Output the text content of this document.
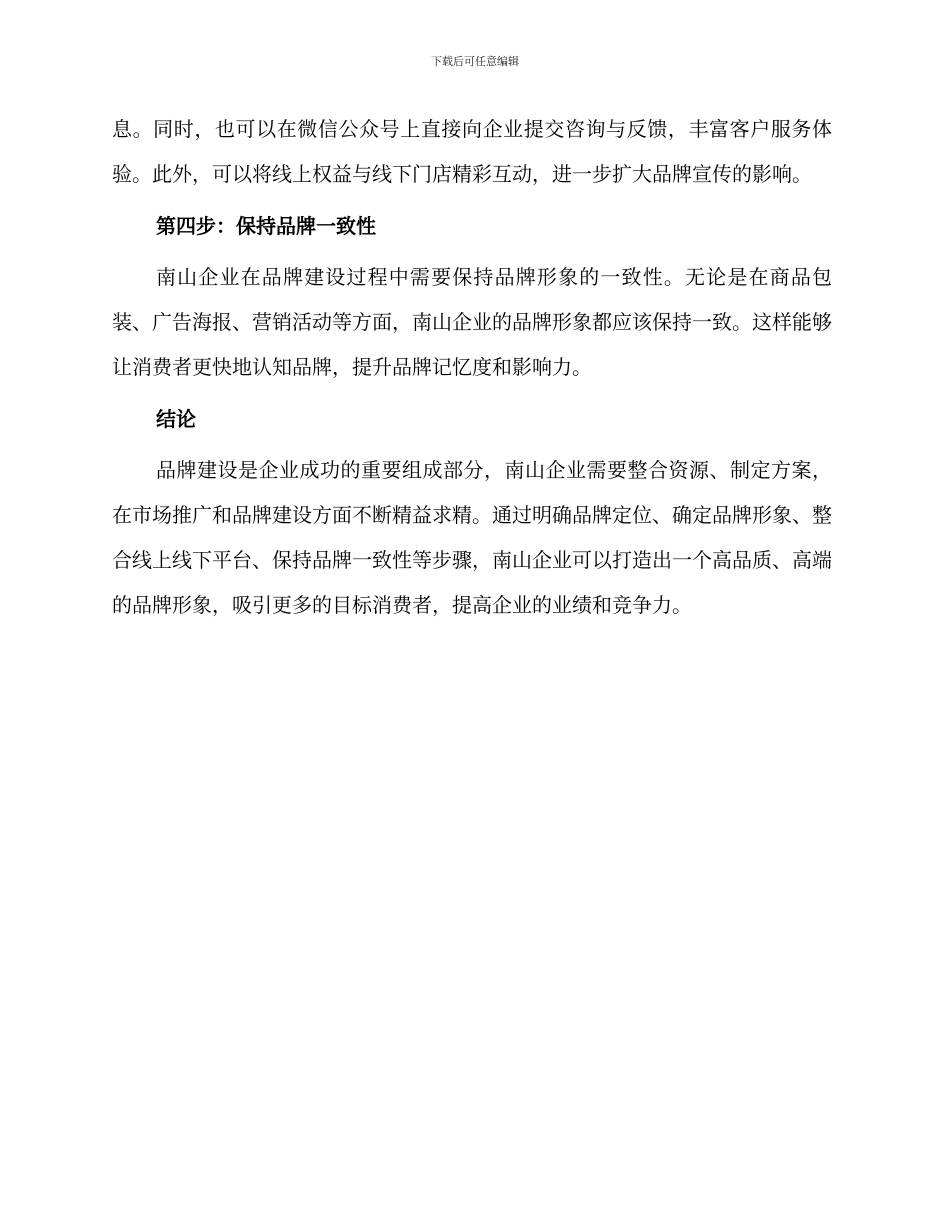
下载后可任意编辑

息。同时，也可以在微信公众号上直接向企业提交咨询与反馈，丰富客户服务体验。此外，可以将线上权益与线下门店精彩互动，进一步扩大品牌宣传的影响。

第四步：保持品牌一致性

南山企业在品牌建设过程中需要保持品牌形象的一致性。无论是在商品包装、广告海报、营销活动等方面，南山企业的品牌形象都应该保持一致。这样能够让消费者更快地认知品牌，提升品牌记忆度和影响力。

结论

品牌建设是企业成功的重要组成部分，南山企业需要整合资源、制定方案，在市场推广和品牌建设方面不断精益求精。通过明确品牌定位、确定品牌形象、整合线上线下平台、保持品牌一致性等步骤，南山企业可以打造出一个高品质、高端的品牌形象，吸引更多的目标消费者，提高企业的业绩和竞争力。
